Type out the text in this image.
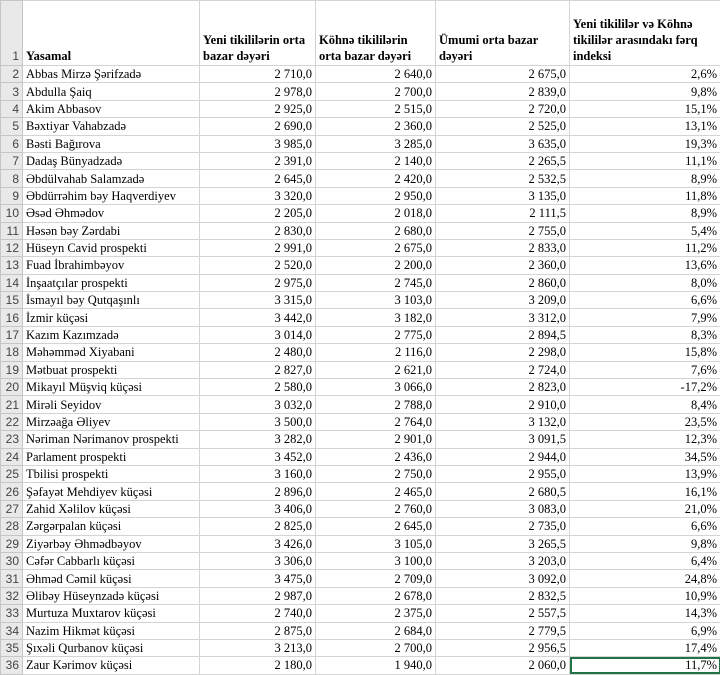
1	Yasamal	Yeni tikililərin orta bazar dəyəri	Köhnə tikililərin orta bazar dəyəri	Ümumi orta bazar dəyəri	Yeni tikililər və Köhnə tikililər arasındakı fərq indeksi
2	Abbas Mirzə Şərifzadə	2 710,0	2 640,0	2 675,0	2,6%
3	Abdulla Şaiq	2 978,0	2 700,0	2 839,0	9,8%
4	Akim Abbasov	2 925,0	2 515,0	2 720,0	15,1%
5	Bəxtiyar Vahabzadə	2 690,0	2 360,0	2 525,0	13,1%
6	Bəsti Bağırova	3 985,0	3 285,0	3 635,0	19,3%
7	Dadaş Bünyadzadə	2 391,0	2 140,0	2 265,5	11,1%
8	Əbdülvahab Salamzadə	2 645,0	2 420,0	2 532,5	8,9%
9	Əbdürrəhim bəy Haqverdiyev	3 320,0	2 950,0	3 135,0	11,8%
10	Əsəd Əhmədov	2 205,0	2 018,0	2 111,5	8,9%
11	Həsən bəy Zərdabi	2 830,0	2 680,0	2 755,0	5,4%
12	Hüseyn Cavid prospekti	2 991,0	2 675,0	2 833,0	11,2%
13	Fuad İbrahimbəyov	2 520,0	2 200,0	2 360,0	13,6%
14	İnşaatçılar prospekti	2 975,0	2 745,0	2 860,0	8,0%
15	İsmayıl bəy Qutqaşınlı	3 315,0	3 103,0	3 209,0	6,6%
16	İzmir küçəsi	3 442,0	3 182,0	3 312,0	7,9%
17	Kazım Kazımzadə	3 014,0	2 775,0	2 894,5	8,3%
18	Məhəmməd Xiyabani	2 480,0	2 116,0	2 298,0	15,8%
19	Mətbuat prospekti	2 827,0	2 621,0	2 724,0	7,6%
20	Mikayıl Müşviq küçəsi	2 580,0	3 066,0	2 823,0	-17,2%
21	Mirəli Seyidov	3 032,0	2 788,0	2 910,0	8,4%
22	Mirzəağa Əliyev	3 500,0	2 764,0	3 132,0	23,5%
23	Nəriman Nərimanov prospekti	3 282,0	2 901,0	3 091,5	12,3%
24	Parlament prospekti	3 452,0	2 436,0	2 944,0	34,5%
25	Tbilisi prospekti	3 160,0	2 750,0	2 955,0	13,9%
26	Şəfayət Mehdiyev küçəsi	2 896,0	2 465,0	2 680,5	16,1%
27	Zahid Xəlilov küçəsi	3 406,0	2 760,0	3 083,0	21,0%
28	Zərgərpalan küçəsi	2 825,0	2 645,0	2 735,0	6,6%
29	Ziyərbəy Əhmədbəyov	3 426,0	3 105,0	3 265,5	9,8%
30	Cəfər Cabbarlı küçəsi	3 306,0	3 100,0	3 203,0	6,4%
31	Əhməd Cəmil küçəsi	3 475,0	2 709,0	3 092,0	24,8%
32	Əlibəy Hüseynzadə küçəsi	2 987,0	2 678,0	2 832,5	10,9%
33	Murtuza Muxtarov küçəsi	2 740,0	2 375,0	2 557,5	14,3%
34	Nazim Hikmət küçəsi	2 875,0	2 684,0	2 779,5	6,9%
35	Şıxəli Qurbanov küçəsi	3 213,0	2 700,0	2 956,5	17,4%
36	Zaur Kərimov küçəsi	2 180,0	1 940,0	2 060,0	11,7%
